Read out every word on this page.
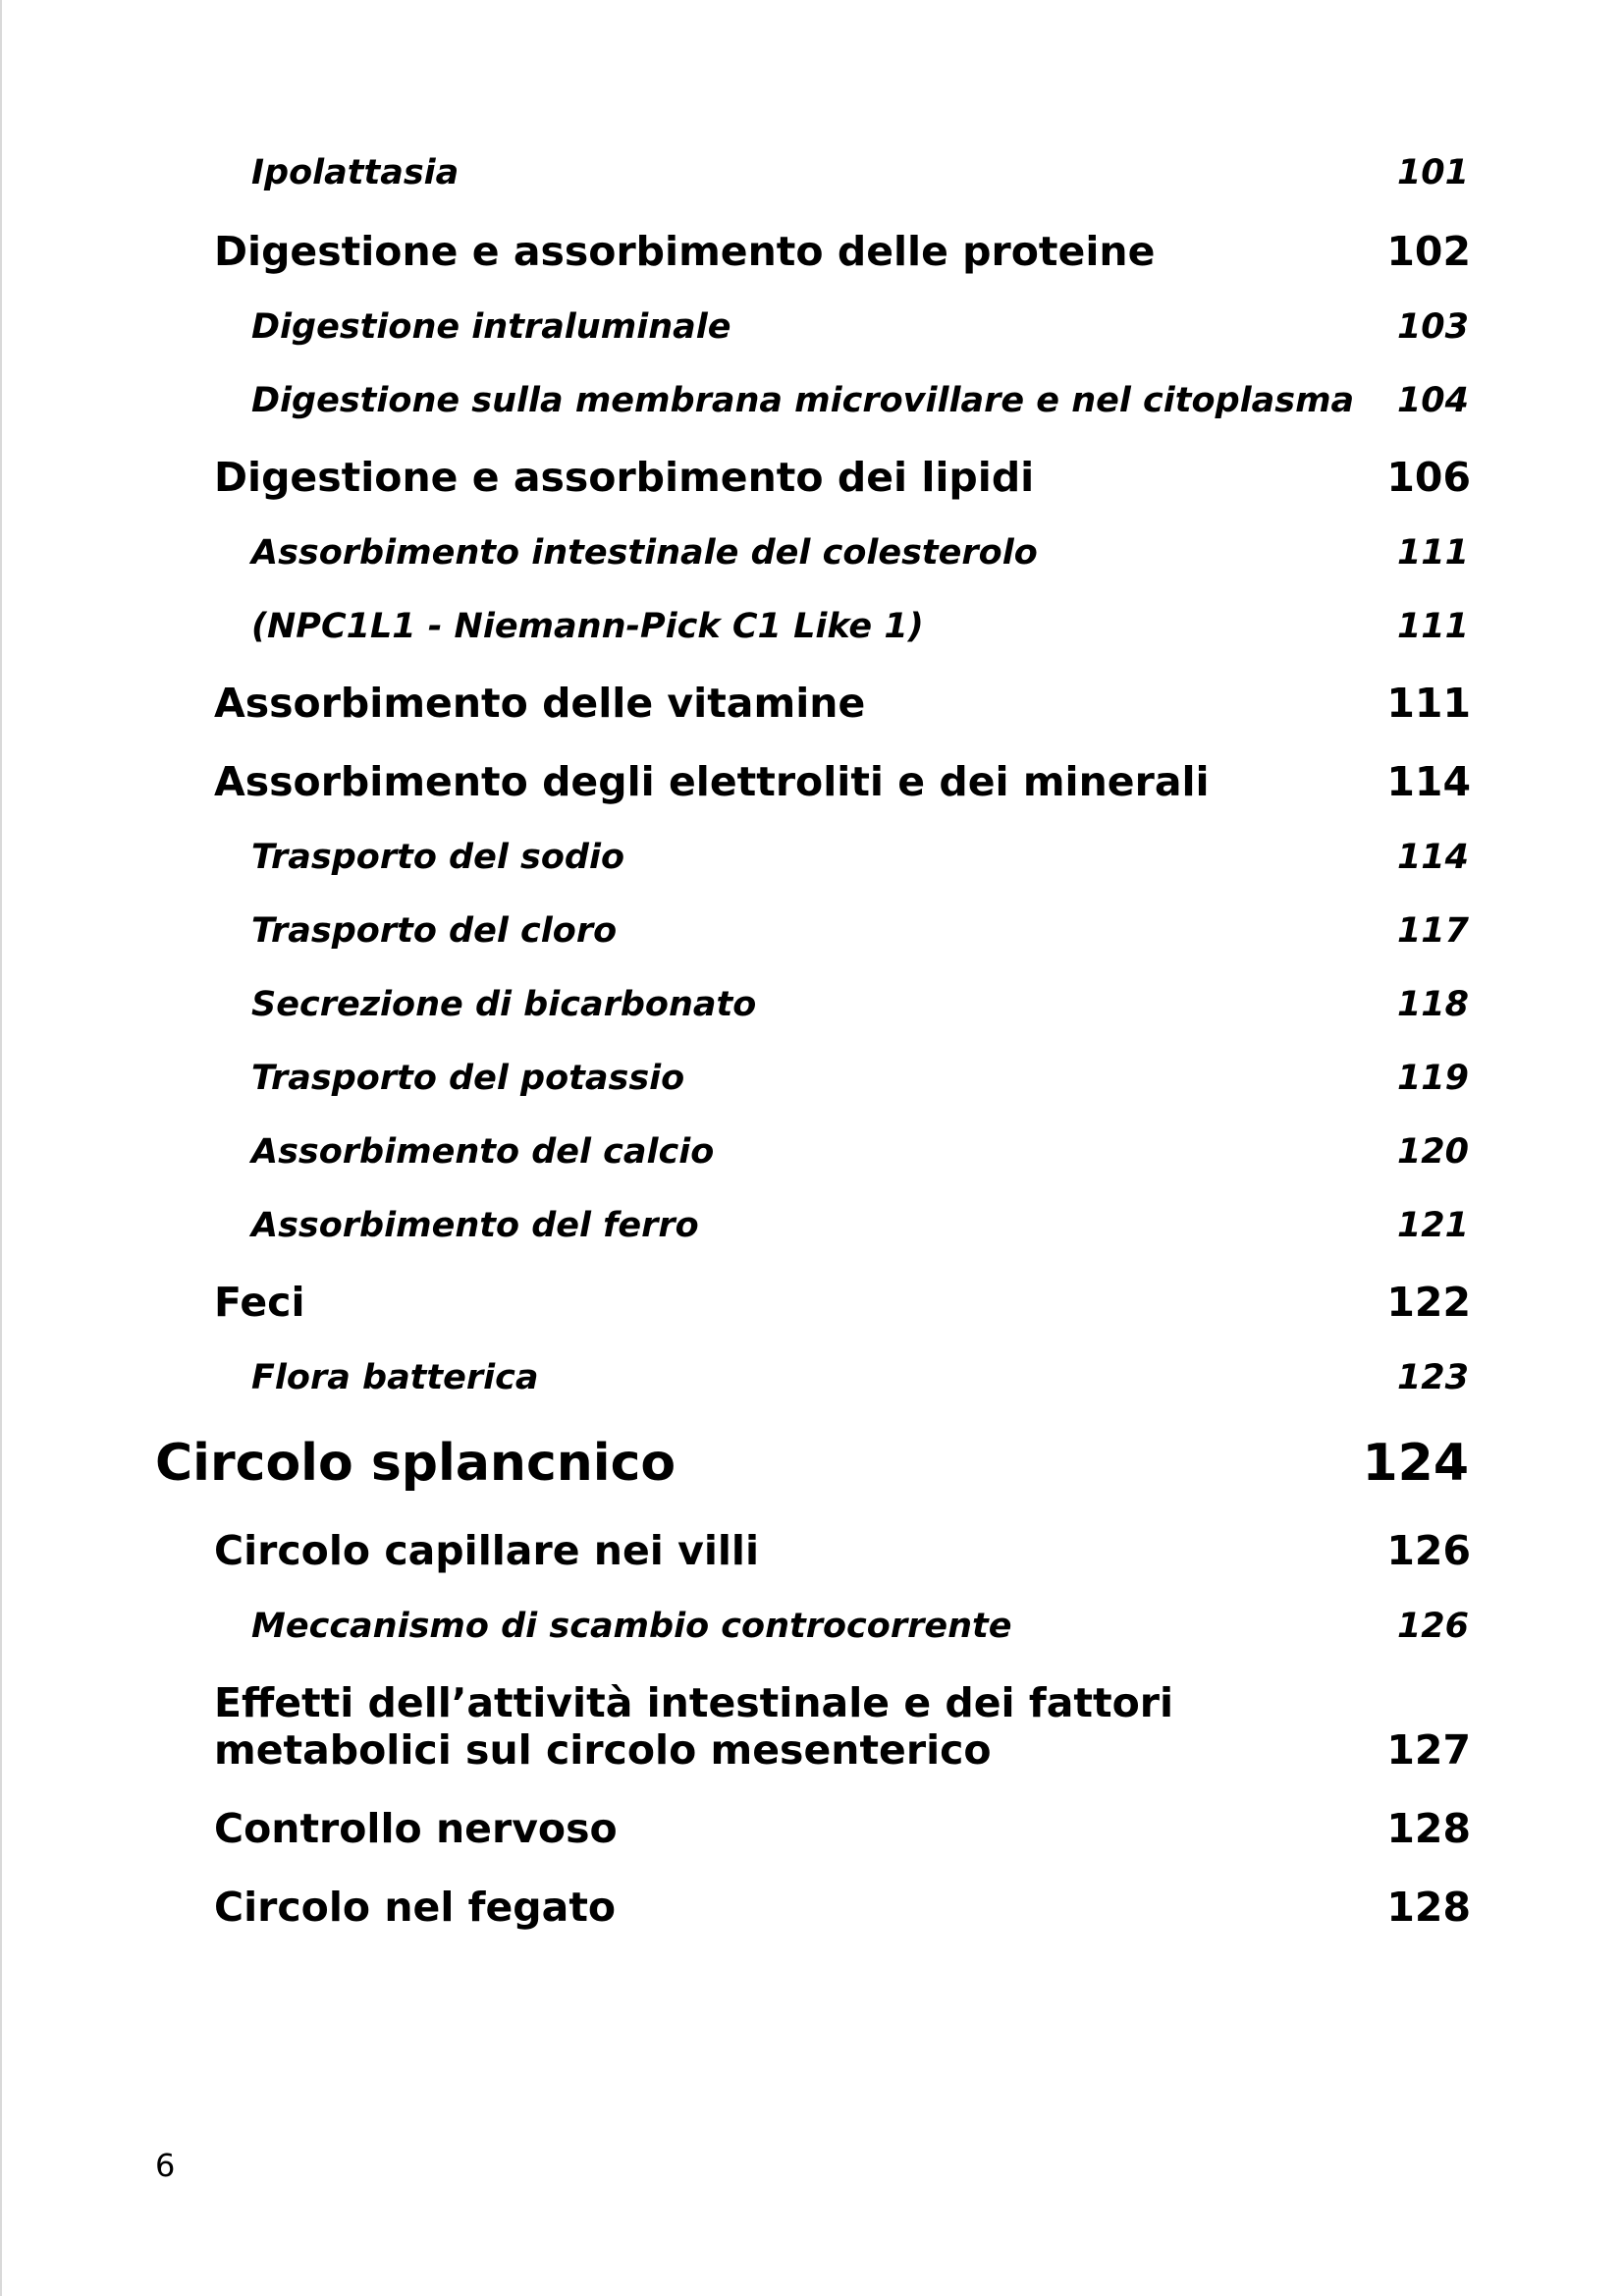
Ipolattasia	101
Digestione e assorbimento delle proteine	102
Digestione intraluminale	103
Digestione sulla membrana microvillare e nel citoplasma 104
Digestione e assorbimento dei lipidi	106
Assorbimento intestinale del colesterolo	111
(NPC1L1 - Niemann-Pick C1 Like 1)	111
Assorbimento delle vitamine	111
Assorbimento degli elettroliti e dei minerali	114
Trasporto del sodio	114
Trasporto del cloro	117
Secrezione di bicarbonato	118
Trasporto del potassio	119
Assorbimento del calcio	120
Assorbimento del ferro	121
Feci	122
Flora batterica	123
Circolo splancnico	124
Circolo capillare nei villi	126
Meccanismo di scambio controcorrente	126
Effetti dell’attività intestinale e dei fattori metabolici sul circolo mesenterico	127
Controllo nervoso	128
Circolo nel fegato	128
6
